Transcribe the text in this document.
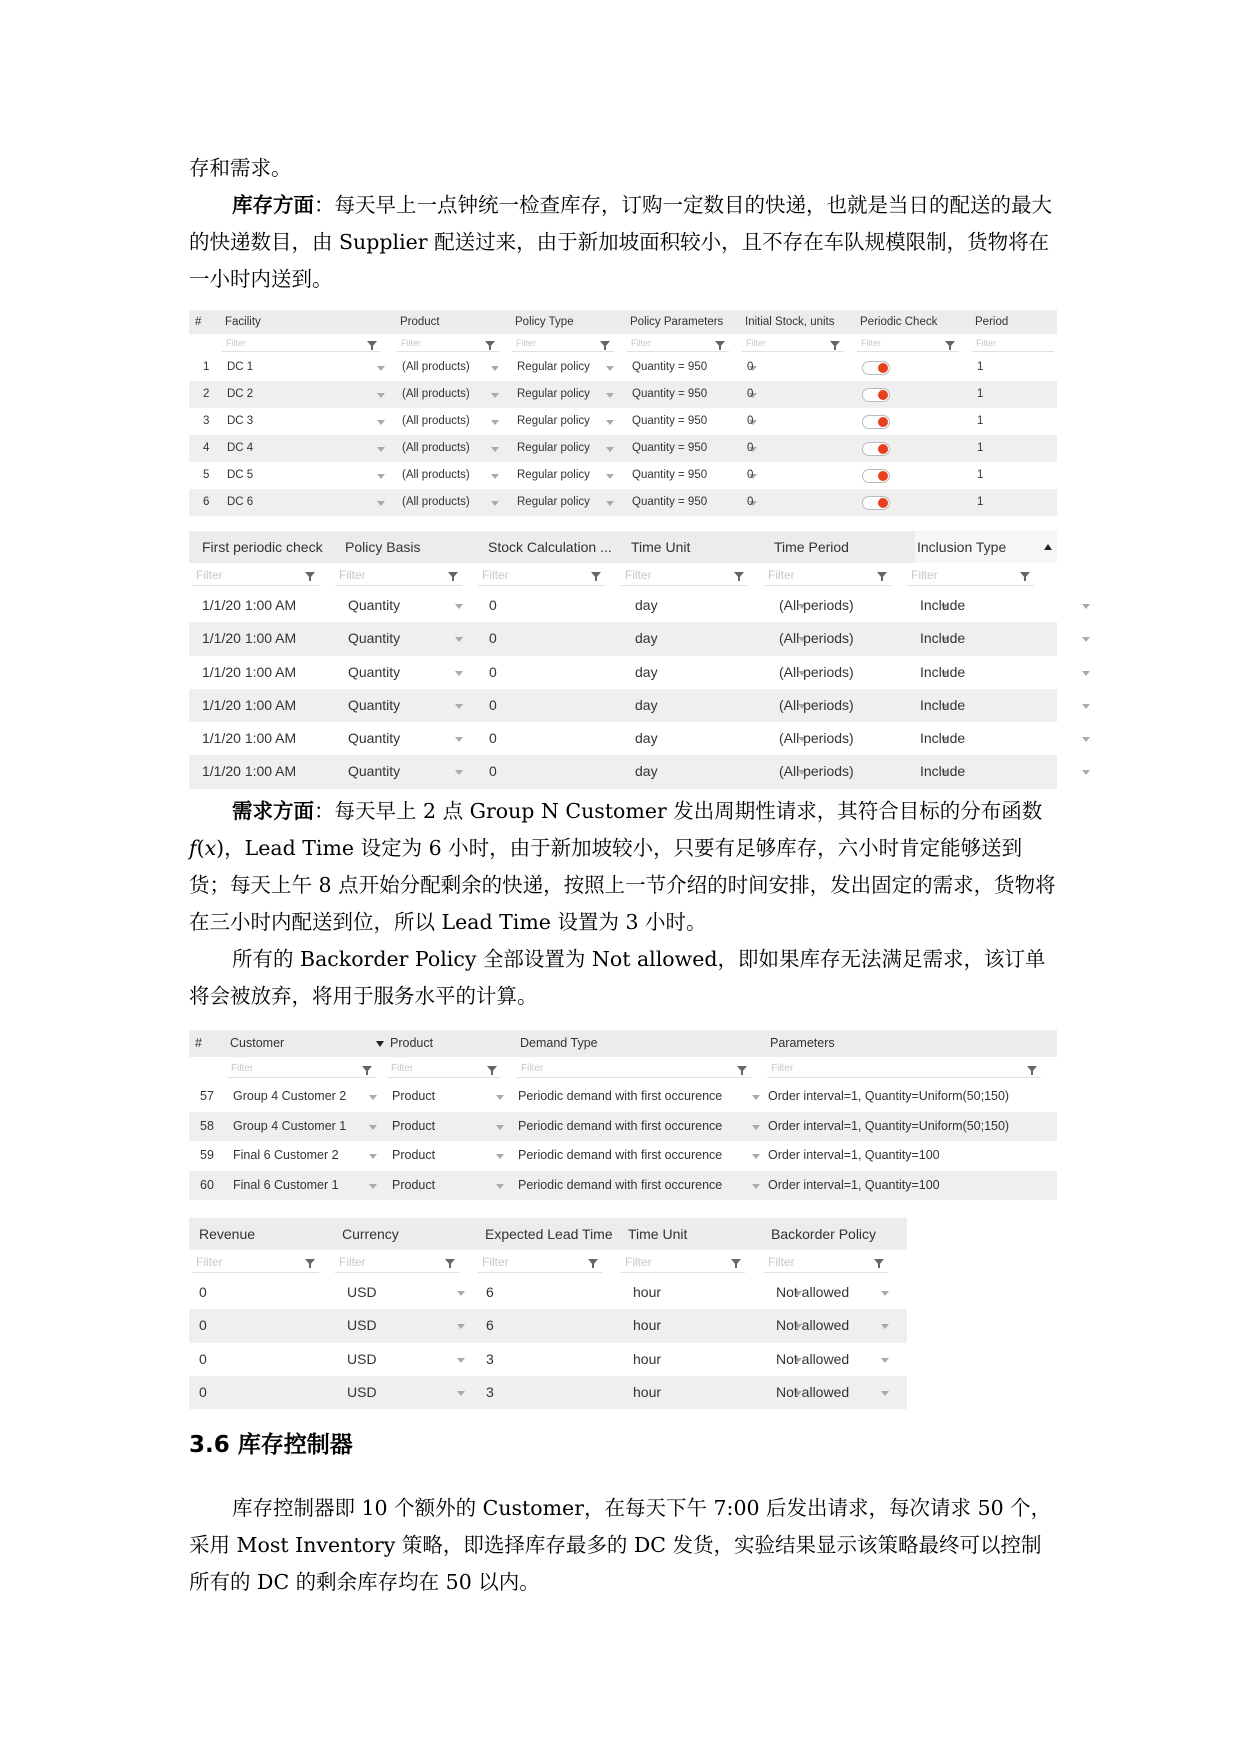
存和需求。
库存方面：每天早上一点钟统一检查库存，订购一定数目的快递，也就是当日的配送的最大的快递数目，由 Supplier 配送过来，由于新加坡面积较小，且不存在车队规模限制，货物将在一小时内送到。
#	Facility	Product	Policy Type	Policy Parameters	Initial Stock, units	Periodic Check	Period
Filter	Filter	Filter	Filter	Filter	Filter	Filter
1	DC 1	(All products)	Regular policy	Quantity = 950	0	1
2	DC 2	(All products)	Regular policy	Quantity = 950	0	1
3	DC 3	(All products)	Regular policy	Quantity = 950	0	1
4	DC 4	(All products)	Regular policy	Quantity = 950	0	1
5	DC 5	(All products)	Regular policy	Quantity = 950	0	1
6	DC 6	(All products)	Regular policy	Quantity = 950	0	1
First periodic check	Policy Basis	Stock Calculation ...	Time Unit	Time Period	Inclusion Type
Filter	Filter	Filter	Filter	Filter	Filter
1/1/20 1:00 AM	Quantity	0	day	(All periods)	Include
1/1/20 1:00 AM	Quantity	0	day	(All periods)	Include
1/1/20 1:00 AM	Quantity	0	day	(All periods)	Include
1/1/20 1:00 AM	Quantity	0	day	(All periods)	Include
1/1/20 1:00 AM	Quantity	0	day	(All periods)	Include
1/1/20 1:00 AM	Quantity	0	day	(All periods)	Include
需求方面：每天早上 2 点 Group N Customer 发出周期性请求，其符合目标的分布函数 𝑓(𝑥)，Lead Time 设定为 6 小时，由于新加坡较小，只要有足够库存，六小时肯定能够送到货；每天上午 8 点开始分配剩余的快递，按照上一节介绍的时间安排，发出固定的需求，货物将在三小时内配送到位，所以 Lead Time 设置为 3 小时。
所有的 Backorder Policy 全部设置为 Not allowed，即如果库存无法满足需求，该订单将会被放弃，将用于服务水平的计算。
#	Customer	Product	Demand Type	Parameters
Filter	Filter	Filter	Filter
57	Group 4 Customer 2	Product	Periodic demand with first occurence	Order interval=1, Quantity=Uniform(50;150)
58	Group 4 Customer 1	Product	Periodic demand with first occurence	Order interval=1, Quantity=Uniform(50;150)
59	Final 6 Customer 2	Product	Periodic demand with first occurence	Order interval=1, Quantity=100
60	Final 6 Customer 1	Product	Periodic demand with first occurence	Order interval=1, Quantity=100
Revenue	Currency	Expected Lead Time	Time Unit	Backorder Policy
Filter	Filter	Filter	Filter	Filter
0	USD	6	hour	Not allowed
0	USD	6	hour	Not allowed
0	USD	3	hour	Not allowed
0	USD	3	hour	Not allowed
3.6 库存控制器
库存控制器即 10 个额外的 Customer，在每天下午 7:00 后发出请求，每次请求 50 个，采用 Most Inventory 策略，即选择库存最多的 DC 发货，实验结果显示该策略最终可以控制所有的 DC 的剩余库存均在 50 以内。
